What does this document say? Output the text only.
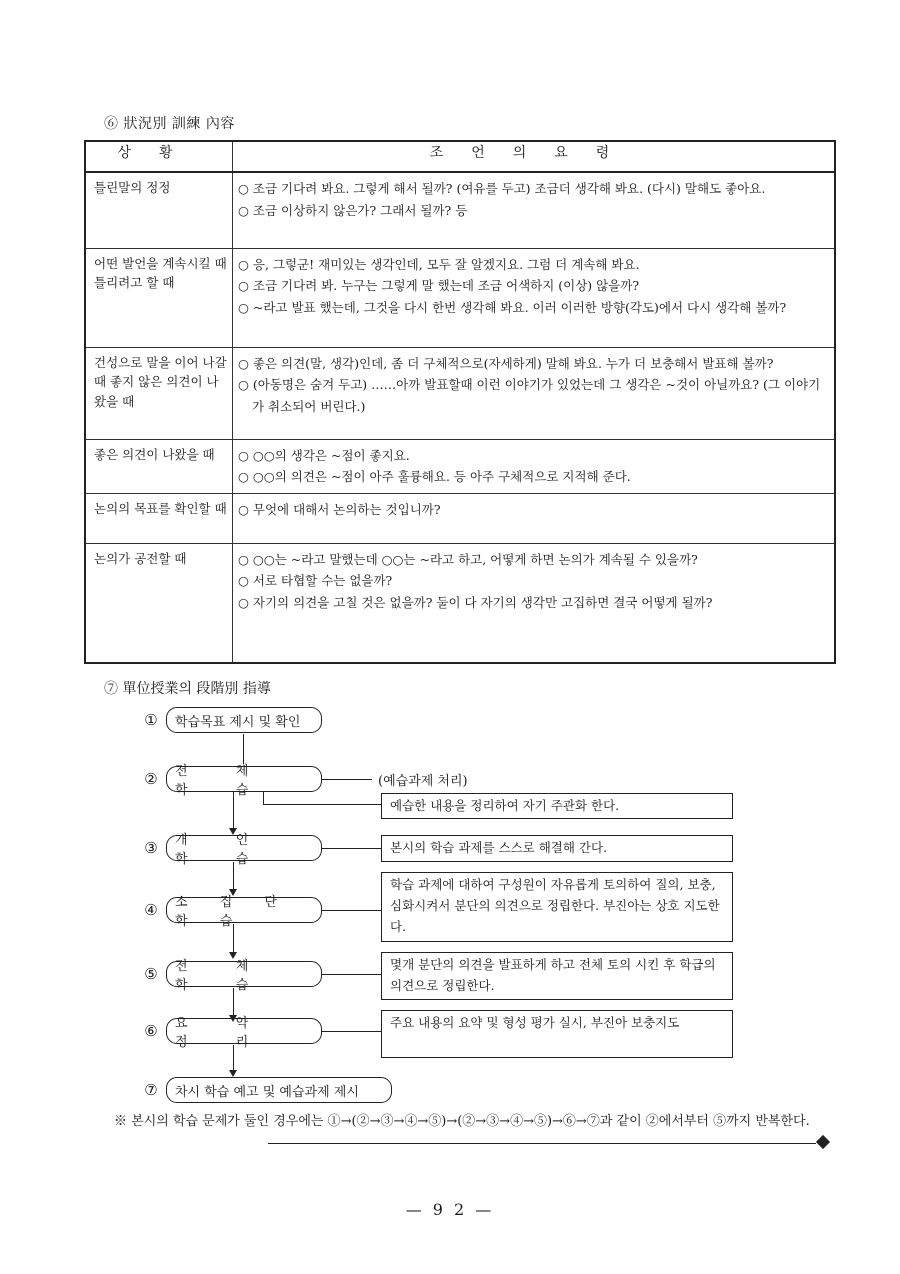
⑥ 狀況別 訓練 內容
상황	조언의요령
틀린말의 정정	○ 조금 기다려 봐요. 그렇게 해서 될까? (여유를 두고) 조금더 생각해 봐요. (다시) 말해도 좋아요.
○ 조금 이상하지 않은가? 그래서 될까? 등

어떤 발언을 계속시킬 때 틀리려고 할 때	○ 응, 그렇군! 재미있는 생각인데, 모두 잘 알겠지요. 그럼 더 계속해 봐요.
○ 조금 기다려 봐. 누구는 그렇게 말 했는데 조금 어색하지 (이상) 않을까?
○ ~라고 발표 했는데, 그것을 다시 한번 생각해 봐요. 이러 이러한 방향(각도)에서 다시 생각해 볼까?

건성으로 말을 이어 나갈 때 좋지 않은 의견이 나왔을 때	○ 좋은 의견(말, 생각)인데, 좀 더 구체적으로(자세하게) 말해 봐요. 누가 더 보충해서 발표해 볼까?
○ (아동명은 숨겨 두고) ……아까 발표할때 이런 이야기가 있었는데 그 생각은 ~것이 아닐까요? (그 이야기가 취소되어 버린다.)

좋은 의견이 나왔을 때	○ ○○의 생각은 ~점이 좋지요.
○ ○○의 의견은 ~점이 아주 훌륭해요. 등 아주 구체적으로 지적해 준다.

논의의 목표를 확인할 때	○ 무엇에 대해서 논의하는 것입니까?

논의가 공전할 때	○ ○○는 ~라고 말했는데 ○○는 ~라고 하고, 어떻게 하면 논의가 계속될 수 있을까?
○ 서로 타협할 수는 없을까?
○ 자기의 의견을 고칠 것은 없을까? 둘이 다 자기의 생각만 고집하면 결국 어떻게 될까?
⑦ 單位授業의 段階別 指導
①	학습목표 제시 및 확인
②	전 체 학 습
(예습과제 처리)
③	개 인 학 습
④	소 집 단 학 습
⑤	전 체 학 습
⑥	요 약 정 리
⑦	차시 학습 예고 및 예습과제 제시
예습한 내용을 정리하여 자기 주관화 한다.
본시의 학습 과제를 스스로 해결해 간다.
학습 과제에 대하여 구성원이 자유롭게 토의하여 질의, 보충, 심화시켜서 분단의 의견으로 정립한다. 부진아는 상호 지도한다.
몇개 분단의 의견을 발표하게 하고 전체 토의 시킨 후 학급의 의견으로 정립한다.
주요 내용의 요약 및 형성 평가 실시, 부진아 보충지도
※ 본시의 학습 문제가 둘인 경우에는 ①→(②→③→④→⑤)→(②→③→④→⑤)→⑥→⑦과 같이 ②에서부터 ⑤까지 반복한다.
— 9 2 —
